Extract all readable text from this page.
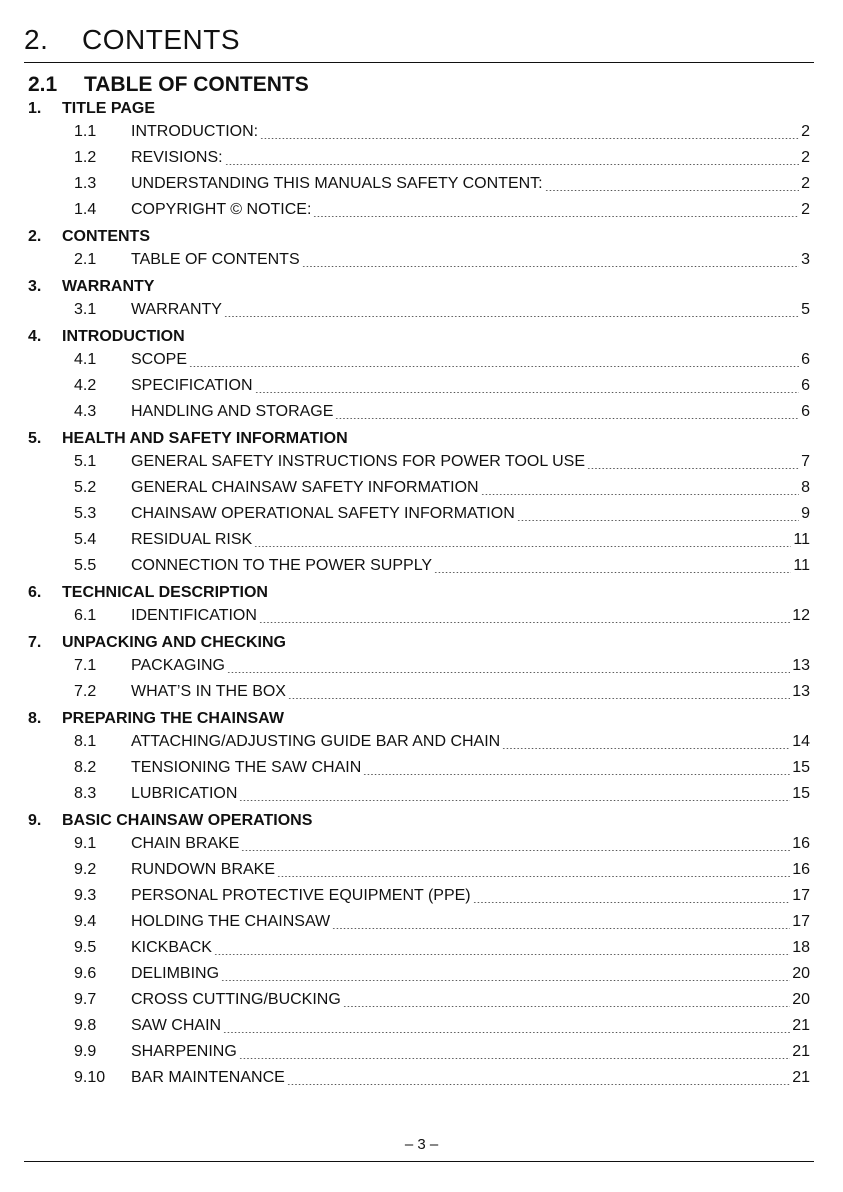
2.	CONTENTS
2.1	TABLE OF CONTENTS
1.	TITLE PAGE
1.1	INTRODUCTION:	2
1.2	REVISIONS:	2
1.3	UNDERSTANDING THIS MANUALS SAFETY CONTENT:	2
1.4	COPYRIGHT © NOTICE:	2
2.	CONTENTS
2.1	TABLE OF CONTENTS	3
3.	WARRANTY
3.1	WARRANTY	5
4.	INTRODUCTION
4.1	SCOPE	6
4.2	SPECIFICATION	6
4.3	HANDLING AND STORAGE	6
5.	HEALTH AND SAFETY INFORMATION
5.1	GENERAL SAFETY INSTRUCTIONS FOR POWER TOOL USE	7
5.2	GENERAL CHAINSAW SAFETY INFORMATION	8
5.3	CHAINSAW OPERATIONAL SAFETY INFORMATION	9
5.4	RESIDUAL RISK	11
5.5	CONNECTION TO THE POWER SUPPLY	11
6.	TECHNICAL DESCRIPTION
6.1	IDENTIFICATION	12
7.	UNPACKING AND CHECKING
7.1	PACKAGING	13
7.2	WHAT’S IN THE BOX	13
8.	PREPARING THE CHAINSAW
8.1	ATTACHING/ADJUSTING GUIDE BAR AND CHAIN	14
8.2	TENSIONING THE SAW CHAIN	15
8.3	LUBRICATION	15
9.	BASIC CHAINSAW OPERATIONS
9.1	CHAIN BRAKE	16
9.2	RUNDOWN BRAKE	16
9.3	PERSONAL PROTECTIVE EQUIPMENT (PPE)	17
9.4	HOLDING THE CHAINSAW	17
9.5	KICKBACK	18
9.6	DELIMBING	20
9.7	CROSS CUTTING/BUCKING	20
9.8	SAW CHAIN	21
9.9	SHARPENING	21
9.10	BAR MAINTENANCE	21
– 3 –
